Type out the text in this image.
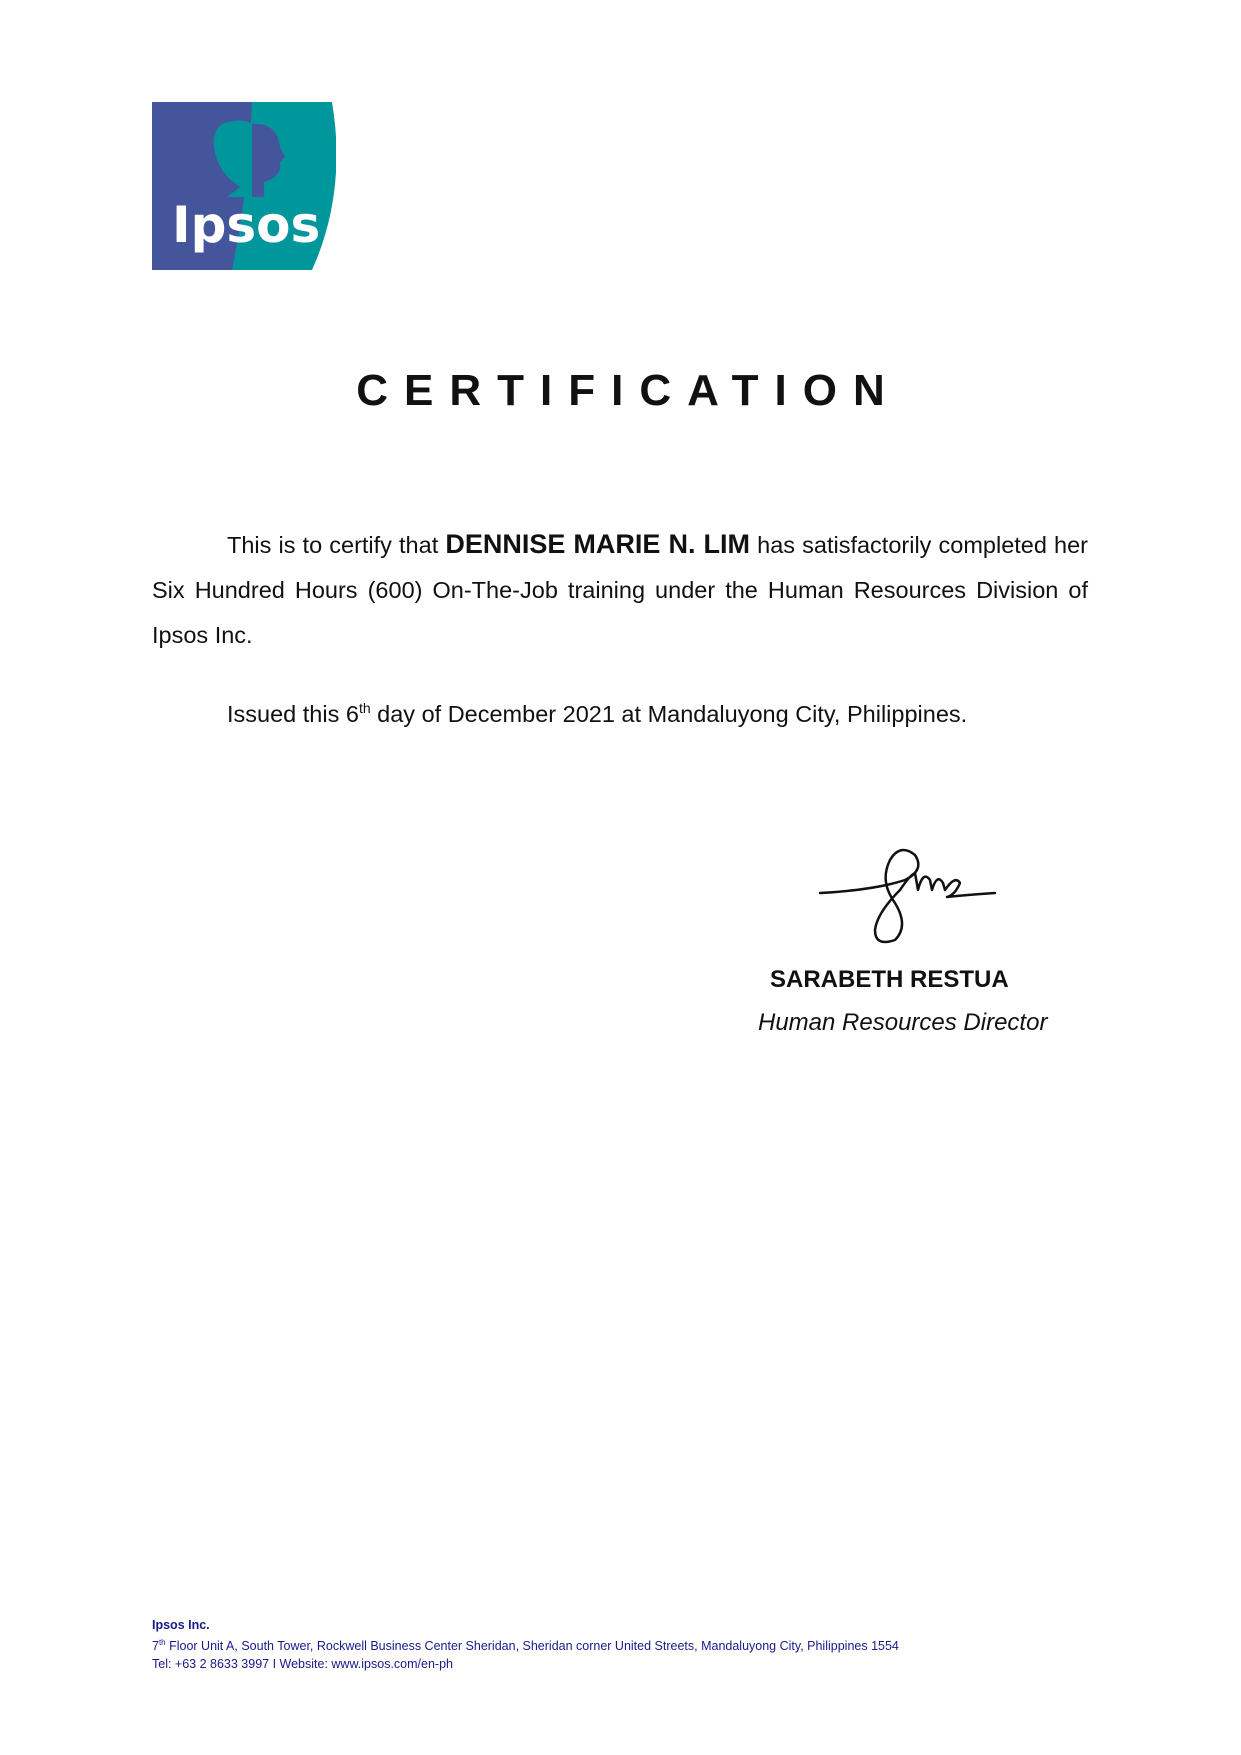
Ipsos
CERTIFICATION

This is to certify that DENNISE MARIE N. LIM has satisfactorily completed her Six Hundred Hours (600) On-The-Job training under the Human Resources Division of Ipsos Inc.

Issued this 6th day of December 2021 at Mandaluyong City, Philippines.
SARABETH RESTUA
Human Resources Director
Ipsos Inc.
7th Floor Unit A, South Tower, Rockwell Business Center Sheridan, Sheridan corner United Streets, Mandaluyong City, Philippines 1554
Tel: +63 2 8633 3997 I Website: www.ipsos.com/en-ph
